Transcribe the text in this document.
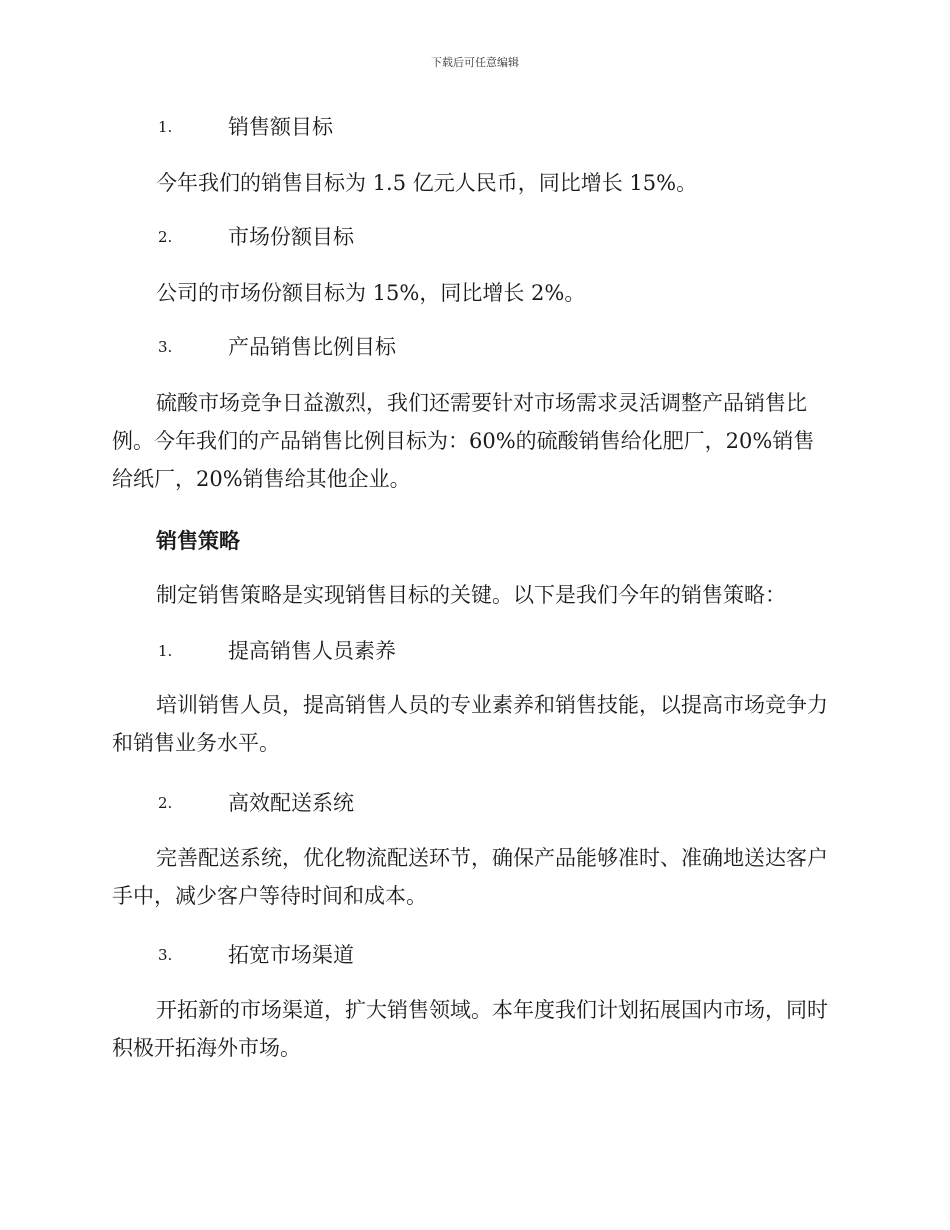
下载后可任意编辑
1.	销售额目标

今年我们的销售目标为 1.5 亿元人民币，同比增长 15%。

2.	市场份额目标

公司的市场份额目标为 15%，同比增长 2%。

3.	产品销售比例目标

硫酸市场竞争日益激烈，我们还需要针对市场需求灵活调整产品销售比例。今年我们的产品销售比例目标为：60%的硫酸销售给化肥厂，20%销售给纸厂，20%销售给其他企业。

销售策略

制定销售策略是实现销售目标的关键。以下是我们今年的销售策略：

1.	提高销售人员素养

培训销售人员，提高销售人员的专业素养和销售技能，以提高市场竞争力和销售业务水平。

2.	高效配送系统

完善配送系统，优化物流配送环节，确保产品能够准时、准确地送达客户手中，减少客户等待时间和成本。

3.	拓宽市场渠道

开拓新的市场渠道，扩大销售领域。本年度我们计划拓展国内市场，同时积极开拓海外市场。
